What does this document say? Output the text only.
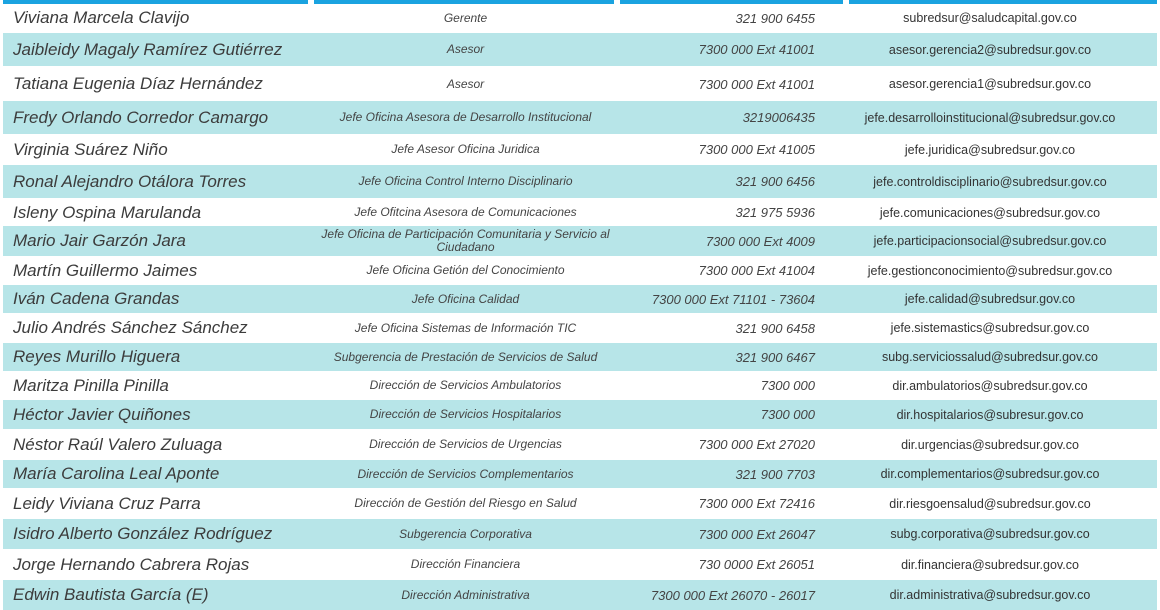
Viviana Marcela Clavijo	Gerente	321 900 6455	subredsur@saludcapital.gov.co
Jaibleidy Magaly Ramírez Gutiérrez	Asesor	7300 000 Ext 41001	asesor.gerencia2@subredsur.gov.co
Tatiana Eugenia Díaz Hernández	Asesor	7300 000 Ext 41001	asesor.gerencia1@subredsur.gov.co
Fredy Orlando Corredor Camargo	Jefe Oficina Asesora de Desarrollo Institucional	3219006435	jefe.desarrolloinstitucional@subredsur.gov.co
Virginia Suárez Niño	Jefe Asesor Oficina Juridica	7300 000 Ext 41005	jefe.juridica@subredsur.gov.co
Ronal Alejandro Otálora Torres	Jefe Oficina Control Interno Disciplinario	321 900 6456	jefe.controldisciplinario@subredsur.gov.co
Isleny Ospina Marulanda	Jefe Ofitcina Asesora de Comunicaciones	321 975 5936	jefe.comunicaciones@subredsur.gov.co
Mario Jair Garzón Jara	Jefe Oficina de Participación Comunitaria y Servicio al Ciudadano	7300 000 Ext 4009	jefe.participacionsocial@subredsur.gov.co
Martín Guillermo Jaimes	Jefe Oficina Getión del Conocimiento	7300 000 Ext 41004	jefe.gestionconocimiento@subredsur.gov.co
Iván Cadena Grandas	Jefe Oficina Calidad	7300 000 Ext 71101 - 73604	jefe.calidad@subredsur.gov.co
Julio Andrés Sánchez Sánchez	Jefe Oficina Sistemas de Información TIC	321 900 6458	jefe.sistemastics@subredsur.gov.co
Reyes Murillo Higuera	Subgerencia de Prestación de Servicios de Salud	321 900 6467	subg.serviciossalud@subredsur.gov.co
Maritza Pinilla Pinilla	Dirección de Servicios Ambulatorios	7300 000	dir.ambulatorios@subredsur.gov.co
Héctor Javier Quiñones	Dirección de Servicios Hospitalarios	7300 000	dir.hospitalarios@subresur.gov.co
Néstor Raúl Valero Zuluaga	Dirección de Servicios de Urgencias	7300 000 Ext 27020	dir.urgencias@subredsur.gov.co
María Carolina Leal Aponte	Dirección de Servicios Complementarios	321 900 7703	dir.complementarios@subredsur.gov.co
Leidy Viviana Cruz Parra	Dirección de Gestión del Riesgo en Salud	7300 000 Ext 72416	dir.riesgoensalud@subredsur.gov.co
Isidro Alberto González Rodríguez	Subgerencia Corporativa	7300 000 Ext 26047	subg.corporativa@subredsur.gov.co
Jorge Hernando Cabrera Rojas	Dirección Financiera	730 0000 Ext 26051	dir.financiera@subredsur.gov.co
Edwin Bautista García (E)	Dirección Administrativa	7300 000 Ext 26070 - 26017	dir.administrativa@subredsur.gov.co
